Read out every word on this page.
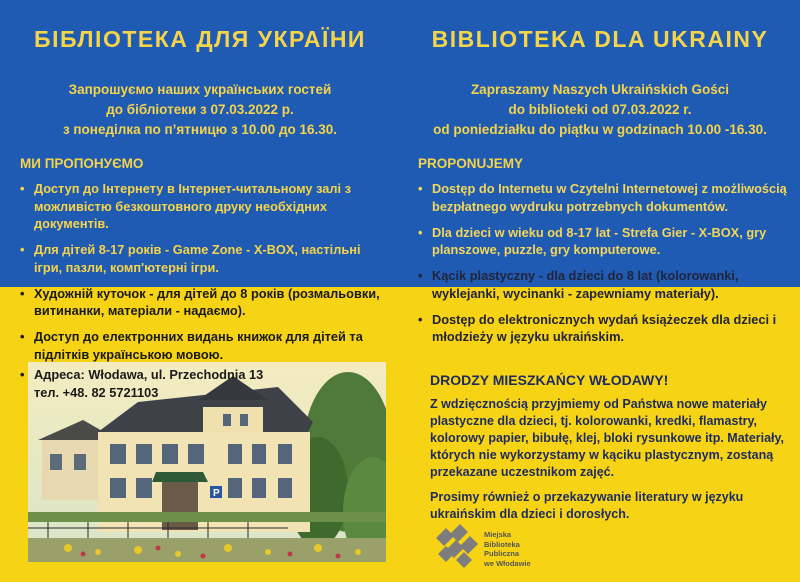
БІБЛІОТЕКА ДЛЯ УКРАЇНИ
Запрошуємо наших українських гостей
до бібліотеки з 07.03.2022 р.
з понеділка по п’ятницю з 10.00 до 16.30.
МИ ПРОПОНУЄМО
• Доступ до Інтернету в Інтернет-читальному залі з можливістю безкоштовного друку необхідних документів.
• Для дітей 8-17 років - Game Zone - X-BOX, настільні ігри, пазли, комп'ютерні ігри.
• Художній куточок - для дітей до 8 років (розмальовки, витинанки, матеріали - надаємо).
• Доступ до електронних видань книжок для дітей та підлітків українською мовою.
P
• Адреса: Włodawa, ul. Przechodnia 13
тел. +48. 82 5721103
BIBLIOTEKA DLA UKRAINY
Zapraszamy Naszych Ukraińskich Gości
do biblioteki od 07.03.2022 r.
od poniedziałku do piątku w godzinach 10.00 -16.30.
PROPONUJEMY
• Dostęp do Internetu w Czytelni Internetowej z możliwością bezpłatnego wydruku potrzebnych dokumentów.
• Dla dzieci w wieku od 8-17 lat - Strefa Gier - X-BOX, gry planszowe, puzzle, gry komputerowe.
• Kącik plastyczny - dla dzieci do 8 lat (kolorowanki, wyklejanki, wycinanki - zapewniamy materiały).
• Dostęp do elektronicznych wydań książeczek dla dzieci i młodzieży w języku ukraińskim.
DRODZY MIESZKAŃCY WŁODAWY!

Z wdzięcznością przyjmiemy od Państwa nowe materiały plastyczne dla dzieci, tj. kolorowanki, kredki, flamastry, kolorowy papier, bibułę, klej, bloki rysunkowe itp. Materiały, których nie wykorzystamy w kąciku plastycznym, zostaną przekazane uczestnikom zajęć.

Prosimy również o przekazywanie literatury w języku ukraińskim dla dzieci i dorosłych.

Miejska
Biblioteka
Publiczna
we Włodawie
